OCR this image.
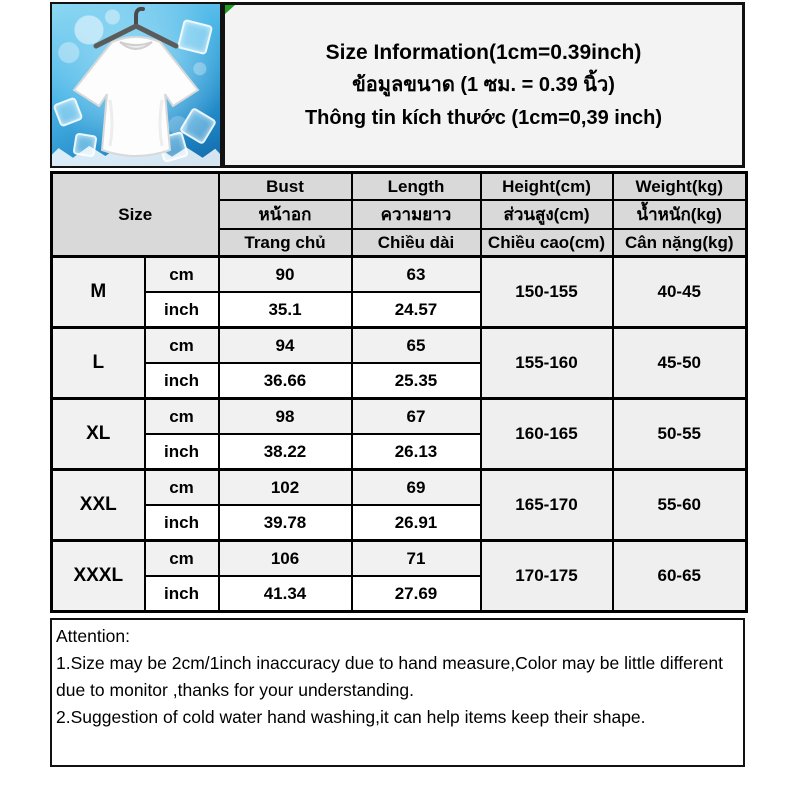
Size Information(1cm=0.39inch)
ข้อมูลขนาด (1 ซม. = 0.39 นิ้ว)
Thông tin kích thước (1cm=0,39 inch)
Size		Bust	Length	Height(cm)	Weight(kg)
		หน้าอก	ความยาว	ส่วนสูง(cm)	น้ำหนัก(kg)
		Trang chủ	Chiều dài	Chiều cao(cm)	Cân nặng(kg)
M	cm	90	63	150-155	40-45
	inch	35.1	24.57		
L	cm	94	65	155-160	45-50
	inch	36.66	25.35		
XL	cm	98	67	160-165	50-55
	inch	38.22	26.13		
XXL	cm	102	69	165-170	55-60
	inch	39.78	26.91		
XXXL	cm	106	71	170-175	60-65
	inch	41.34	27.69		
Attention:
1.Size may be 2cm/1inch inaccuracy due to hand measure,Color may be little different due to monitor ,thanks for your understanding.
2.Suggestion of cold water hand washing,it can help items keep their shape.
